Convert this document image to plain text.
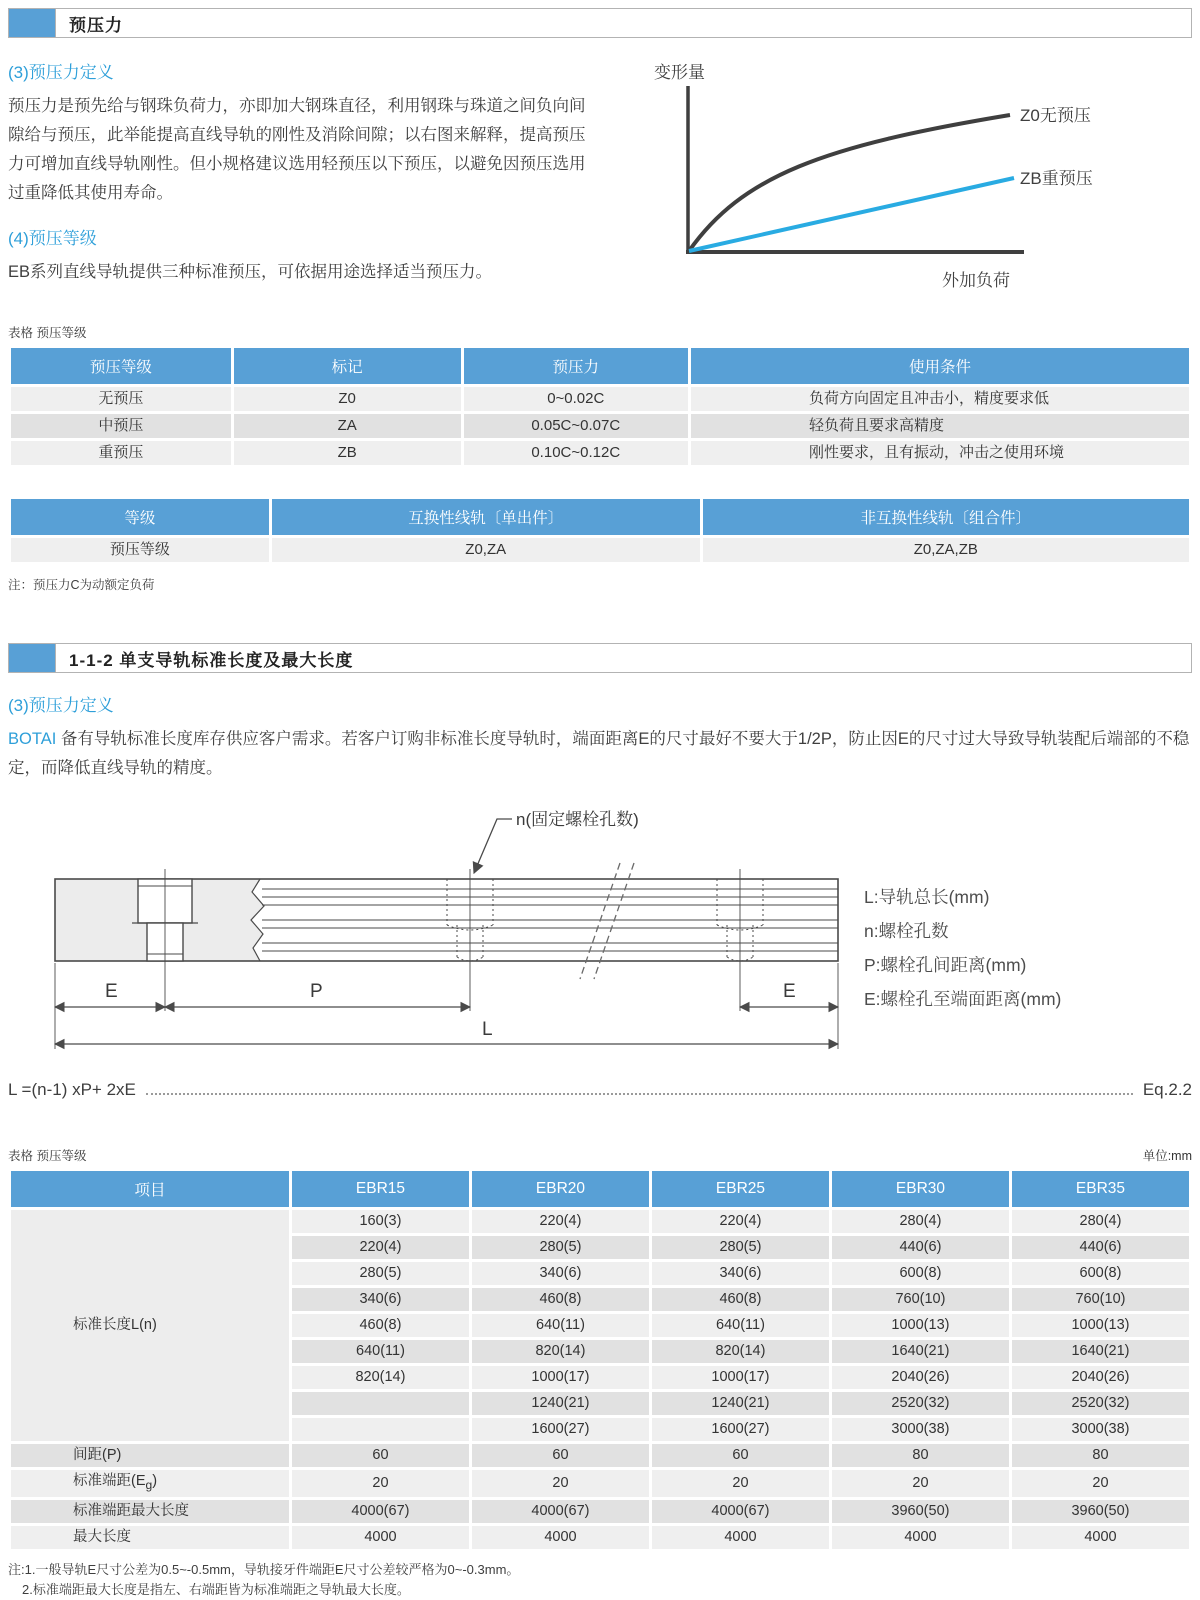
预压力
(3)预压力定义

预压力是预先给与钢珠负荷力，亦即加大钢珠直径，利用钢珠与珠道之间负向间隙给与预压，此举能提高直线导轨的刚性及消除间隙；以右图来解释，提高预压力可增加直线导轨刚性。但小规格建议选用轻预压以下预压，以避免因预压选用过重降低其使用寿命。

(4)预压等级

EB系列直线导轨提供三种标准预压，可依据用途选择适当预压力。

变形量
Z0无预压
ZB重预压
外加负荷
表格 预压等级
预压等级	标记	预压力	使用条件
无预压	Z0	0~0.02C	负荷方向固定且冲击小，精度要求低
中预压	ZA	0.05C~0.07C	轻负荷且要求高精度
重预压	ZB	0.10C~0.12C	刚性要求，且有振动，冲击之使用环境
等级	互换性线轨〔单出件〕	非互换性线轨〔组合件〕
预压等级	Z0,ZA	Z0,ZA,ZB
注：预压力C为动额定负荷
1-1-2 单支导轨标准长度及最大长度
(3)预压力定义

BOTAI 备有导轨标准长度库存供应客户需求。若客户订购非标准长度导轨时，端面距离E的尺寸最好不要大于1/2P，防止因E的尺寸过大导致导轨装配后端部的不稳定，而降低直线导轨的精度。

n(固定螺栓孔数)
E	P	E
L
L:导轨总长(mm)
n:螺栓孔数
P:螺栓孔间距离(mm)
E:螺栓孔至端面距离(mm)
L =(n-1) xP+ 2xE	Eq.2.2
表格 预压等级	单位:mm
项目	EBR15	EBR20	EBR25	EBR30	EBR35
标准长度L(n)	160(3)	220(4)	220(4)	280(4)	280(4)
	220(4)	280(5)	280(5)	440(6)	440(6)
	280(5)	340(6)	340(6)	600(8)	600(8)
	340(6)	460(8)	460(8)	760(10)	760(10)
	460(8)	640(11)	640(11)	1000(13)	1000(13)
	640(11)	820(14)	820(14)	1640(21)	1640(21)
	820(14)	1000(17)	1000(17)	2040(26)	2040(26)
		1240(21)	1240(21)	2520(32)	2520(32)
		1600(27)	1600(27)	3000(38)	3000(38)
间距(P)	60	60	60	80	80
标准端距$(E_g)$	20	20	20	20	20
标准端距最大长度	4000(67)	4000(67)	4000(67)	3960(50)	3960(50)
最大长度	4000	4000	4000	4000	4000
注:1.一般导轨E尺寸公差为0.5~-0.5mm，导轨接牙件端距E尺寸公差较严格为0~-0.3mm。
2.标准端距最大长度是指左、右端距皆为标准端距之导轨最大长度。
